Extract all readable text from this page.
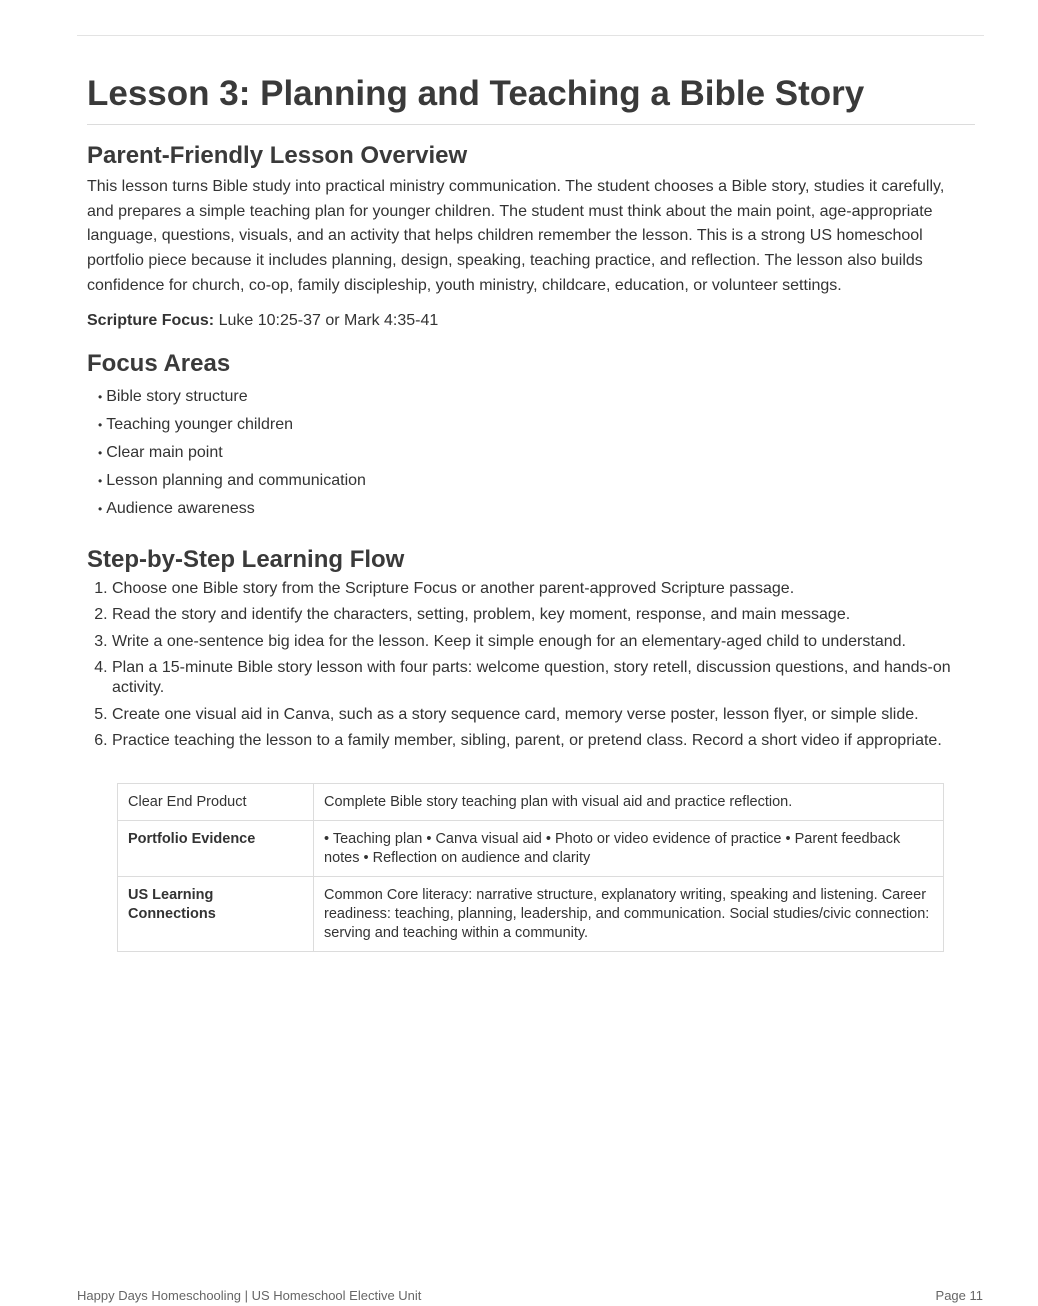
Lesson 3: Planning and Teaching a Bible Story
Parent-Friendly Lesson Overview

This lesson turns Bible study into practical ministry communication. The student chooses a Bible story, studies it carefully, and prepares a simple teaching plan for younger children. The student must think about the main point, age-appropriate language, questions, visuals, and an activity that helps children remember the lesson. This is a strong US homeschool portfolio piece because it includes planning, design, speaking, teaching practice, and reflection. The lesson also builds confidence for church, co-op, family discipleship, youth ministry, childcare, education, or volunteer settings.

Scripture Focus: Luke 10:25-37 or Mark 4:35-41

Focus Areas
• Bible story structure
• Teaching younger children
• Clear main point
• Lesson planning and communication
• Audience awareness
Step-by-Step Learning Flow
1. Choose one Bible story from the Scripture Focus or another parent-approved Scripture passage.
2. Read the story and identify the characters, setting, problem, key moment, response, and main message.
3. Write a one-sentence big idea for the lesson. Keep it simple enough for an elementary-aged child to understand.
4. Plan a 15-minute Bible story lesson with four parts: welcome question, story retell, discussion questions, and hands-on activity.
5. Create one visual aid in Canva, such as a story sequence card, memory verse poster, lesson flyer, or simple slide.
6. Practice teaching the lesson to a family member, sibling, parent, or pretend class. Record a short video if appropriate.
Clear End Product	Complete Bible story teaching plan with visual aid and practice reflection.
Portfolio Evidence	• Teaching plan • Canva visual aid • Photo or video evidence of practice • Parent feedback notes • Reflection on audience and clarity
US Learning Connections	Common Core literacy: narrative structure, explanatory writing, speaking and listening. Career readiness: teaching, planning, leadership, and communication. Social studies/civic connection: serving and teaching within a community.
Happy Days Homeschooling | US Homeschool Elective Unit	Page 11
